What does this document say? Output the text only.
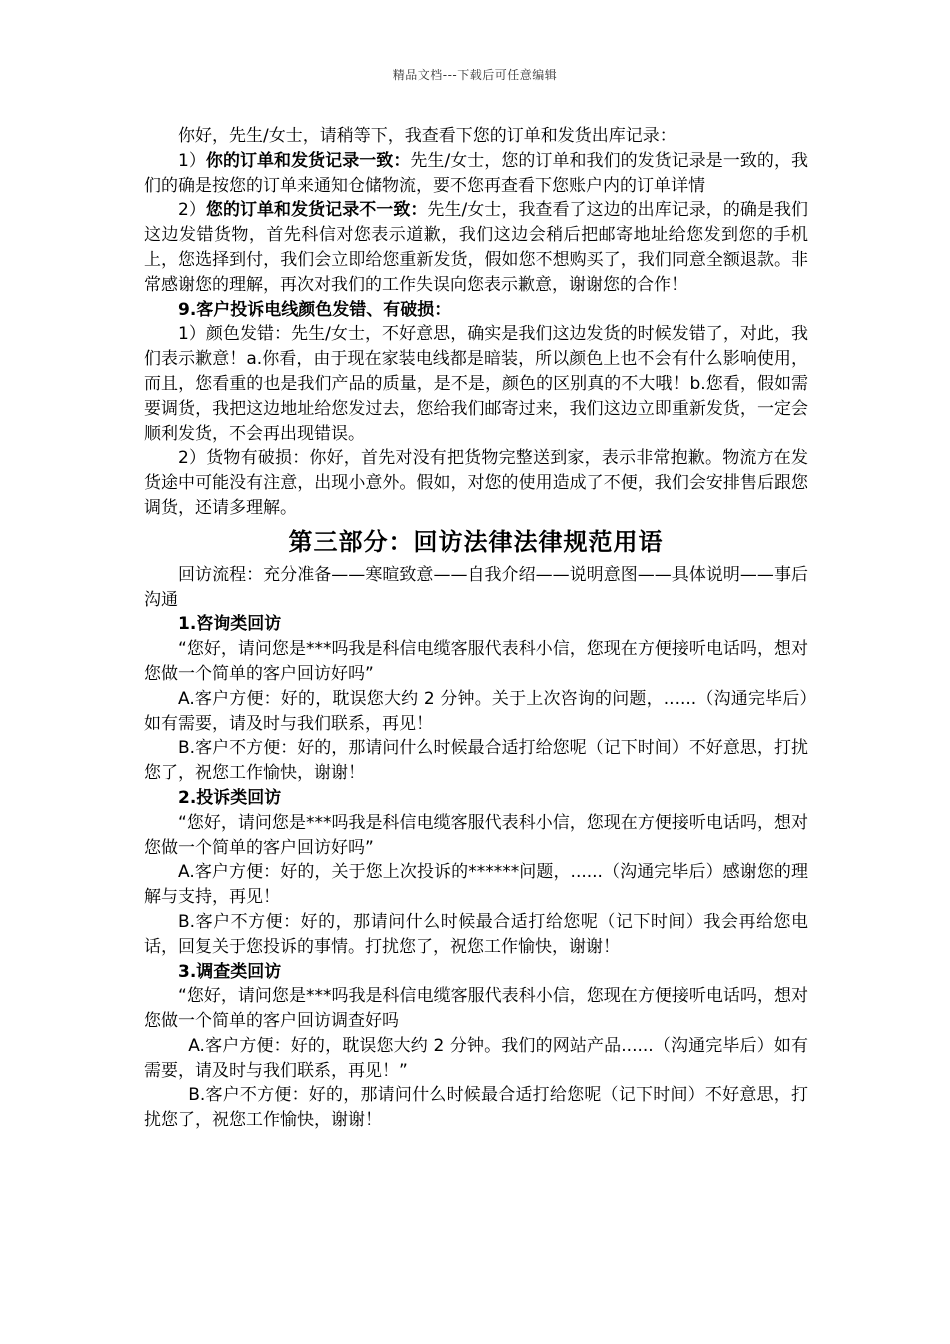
精品文档---下载后可任意编辑

你好，先生/女士，请稍等下，我查看下您的订单和发货出库记录：

1）你的订单和发货记录一致：先生/女士，您的订单和我们的发货记录是一致的，我们的确是按您的订单来通知仓储物流，要不您再查看下您账户内的订单详情

2）您的订单和发货记录不一致：先生/女士，我查看了这边的出库记录，的确是我们这边发错货物，首先科信对您表示道歉，我们这边会稍后把邮寄地址给您发到您的手机上，您选择到付，我们会立即给您重新发货，假如您不想购买了，我们同意全额退款。非常感谢您的理解，再次对我们的工作失误向您表示歉意，谢谢您的合作！

9.客户投诉电线颜色发错、有破损：

1）颜色发错：先生/女士，不好意思，确实是我们这边发货的时候发错了，对此，我们表示歉意！a.你看，由于现在家装电线都是暗装，所以颜色上也不会有什么影响使用，而且，您看重的也是我们产品的质量，是不是，颜色的区别真的不大哦！b.您看，假如需要调货，我把这边地址给您发过去，您给我们邮寄过来，我们这边立即重新发货，一定会顺利发货，不会再出现错误。

2）货物有破损：你好，首先对没有把货物完整送到家，表示非常抱歉。物流方在发货途中可能没有注意，出现小意外。假如，对您的使用造成了不便，我们会安排售后跟您调货，还请多理解。

第三部分：回访法律法律规范用语

回访流程：充分准备——寒暄致意——自我介绍——说明意图——具体说明——事后沟通

1.咨询类回访

“您好，请问您是***吗我是科信电缆客服代表科小信，您现在方便接听电话吗，想对您做一个简单的客户回访好吗”

A.客户方便：好的，耽误您大约 2 分钟。关于上次咨询的问题，......（沟通完毕后）如有需要，请及时与我们联系，再见！

B.客户不方便：好的，那请问什么时候最合适打给您呢（记下时间）不好意思，打扰您了，祝您工作愉快，谢谢！

2.投诉类回访

“您好，请问您是***吗我是科信电缆客服代表科小信，您现在方便接听电话吗，想对您做一个简单的客户回访好吗”

A.客户方便：好的，关于您上次投诉的******问题，......（沟通完毕后）感谢您的理解与支持，再见！

B.客户不方便：好的，那请问什么时候最合适打给您呢（记下时间）我会再给您电话，回复关于您投诉的事情。打扰您了，祝您工作愉快，谢谢！

3.调查类回访

“您好，请问您是***吗我是科信电缆客服代表科小信，您现在方便接听电话吗，想对您做一个简单的客户回访调查好吗

A.客户方便：好的，耽误您大约 2 分钟。我们的网站产品......（沟通完毕后）如有需要，请及时与我们联系，再见！”

B.客户不方便：好的，那请问什么时候最合适打给您呢（记下时间）不好意思，打扰您了，祝您工作愉快，谢谢！
